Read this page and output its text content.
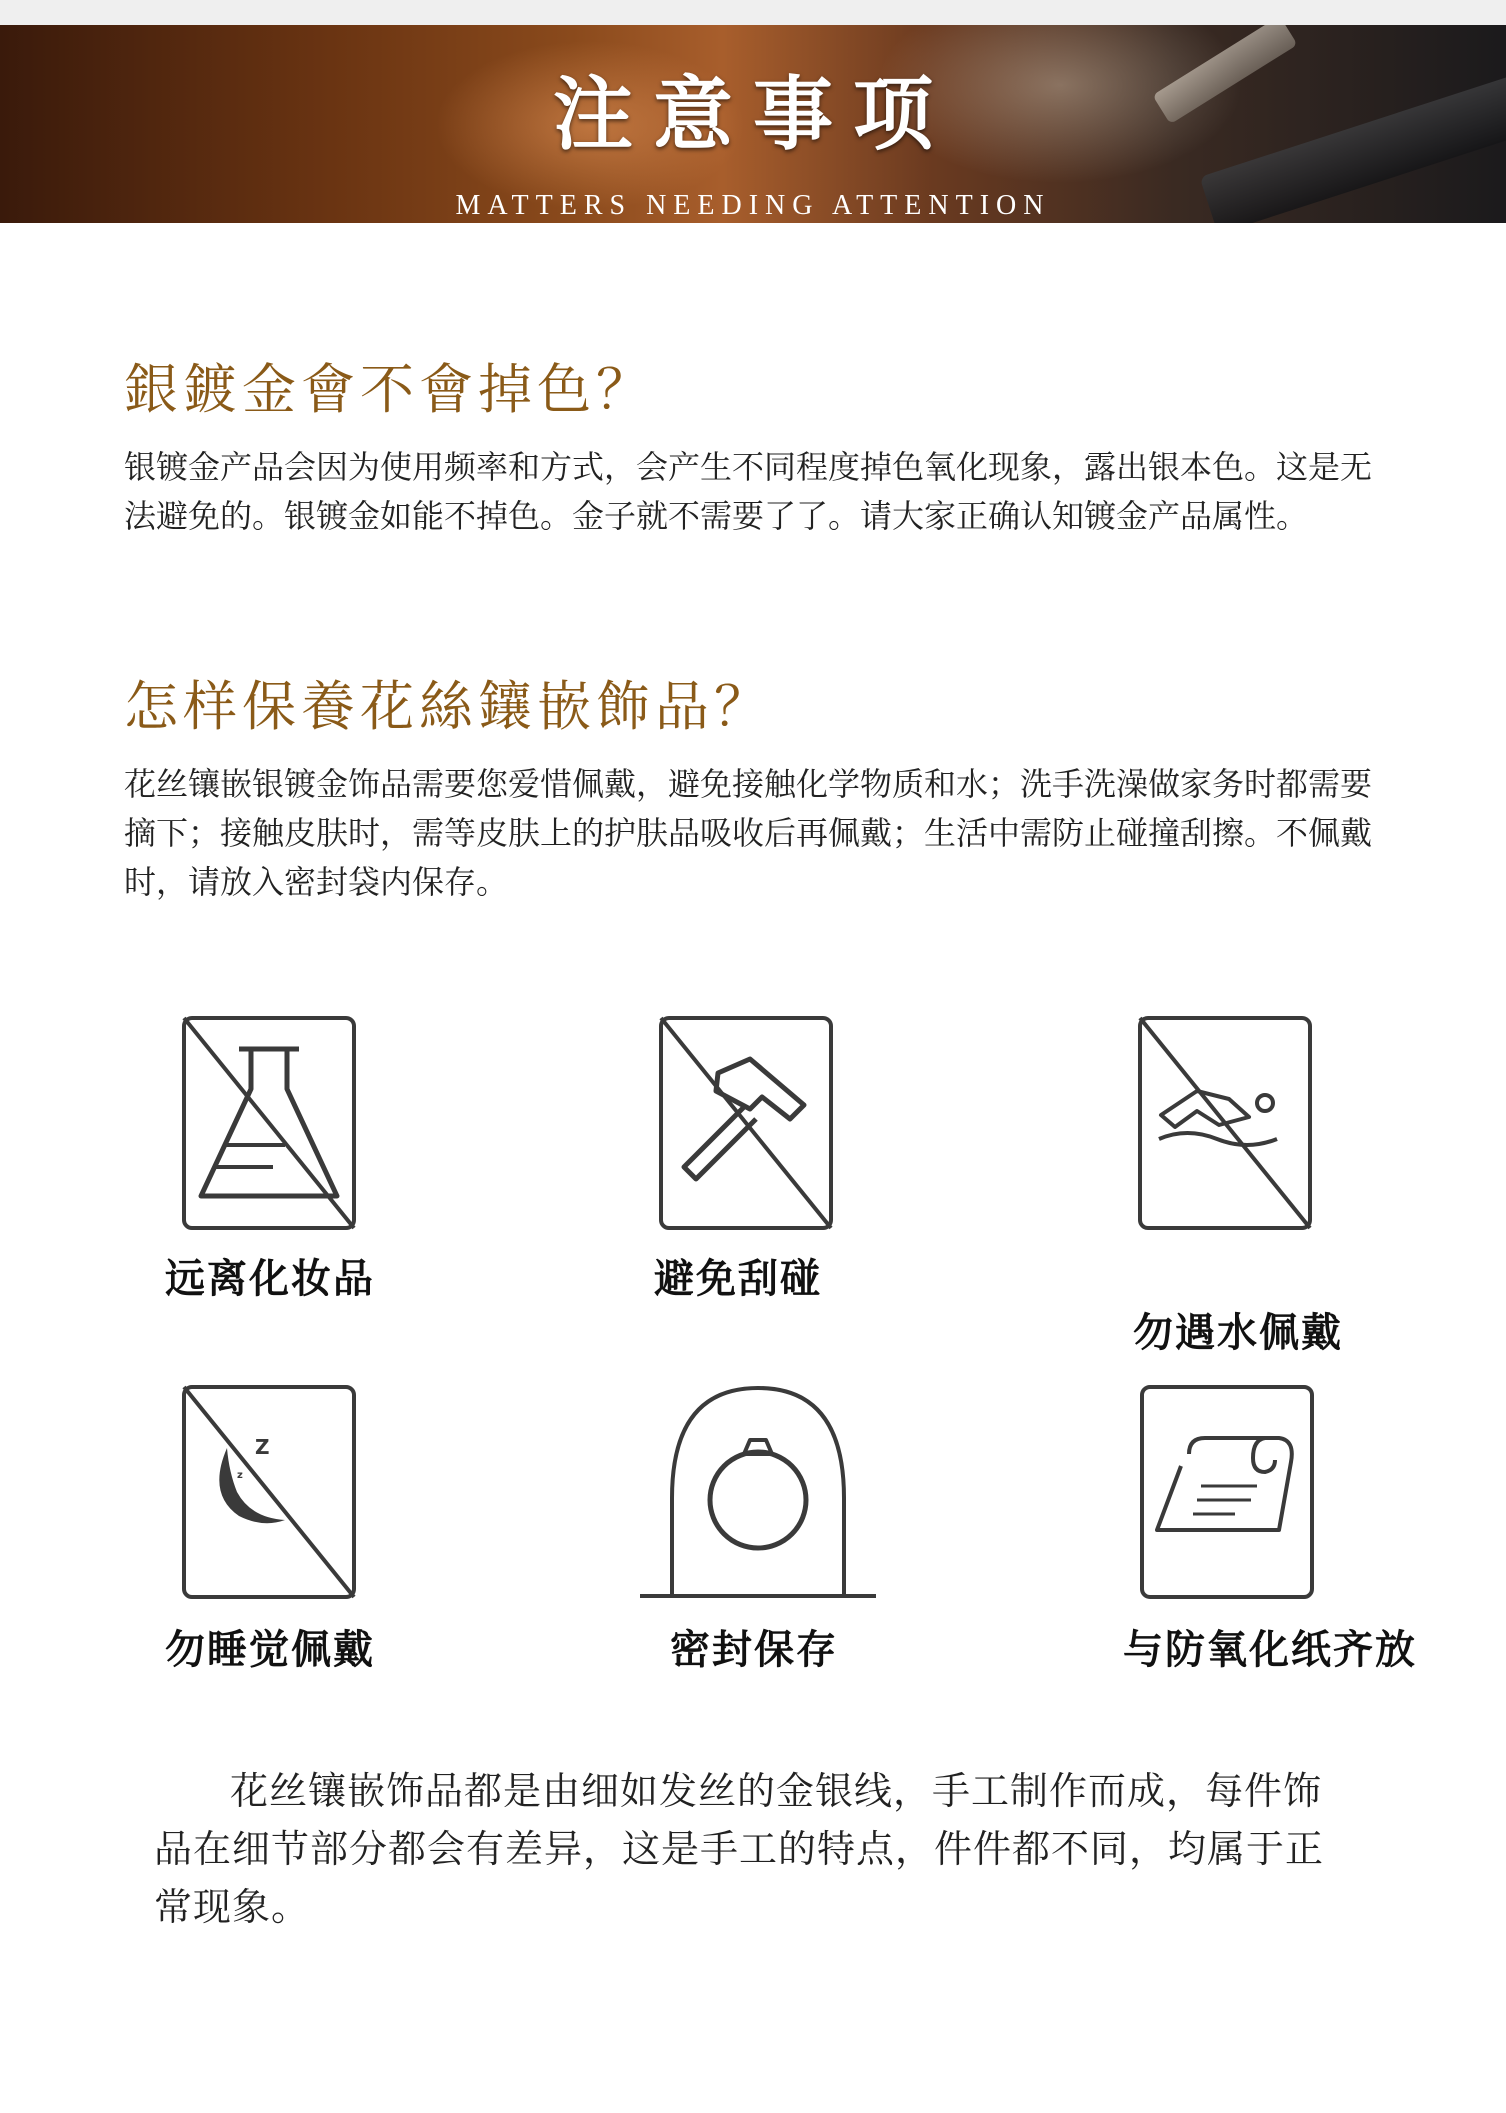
注意事项
MATTERS NEEDING ATTENTION
銀鍍金會不會掉色？
银镀金产品会因为使用频率和方式，会产生不同程度掉色氧化现象，露出银本色。这是无法避免的。银镀金如能不掉色。金子就不需要了了。请大家正确认知镀金产品属性。
怎样保養花絲鑲嵌飾品？
花丝镶嵌银镀金饰品需要您爱惜佩戴，避免接触化学物质和水；洗手洗澡做家务时都需要摘下；接触皮肤时，需等皮肤上的护肤品吸收后再佩戴；生活中需防止碰撞刮擦。不佩戴时，请放入密封袋内保存。
Z
z
远离化妆品	避免刮碰
勿遇水佩戴
勿睡觉佩戴	密封保存	与防氧化纸齐放
花丝镶嵌饰品都是由细如发丝的金银线，手工制作而成，每件饰品在细节部分都会有差异，这是手工的特点，件件都不同，均属于正常现象。
